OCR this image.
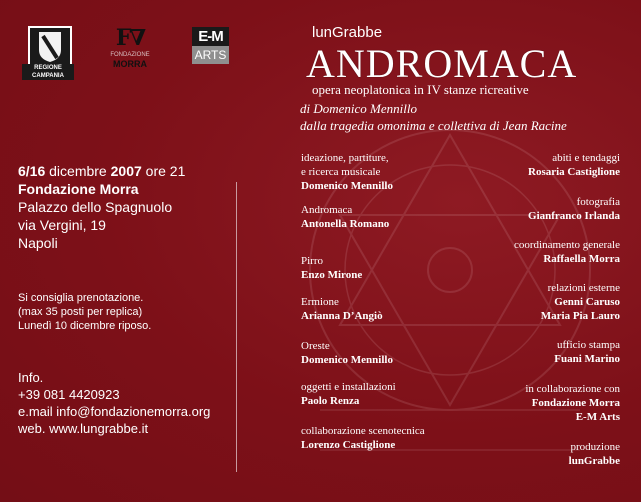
REGIONE CAMPANIA
F∇
FONDAZIONE
MORRA
E-M
ARTS
lunGrabbe
ANDROMACA
opera neoplatonica in IV stanze ricreative
di Domenico Mennillo
dalla tragedia omonima e collettiva di Jean Racine
6/16 dicembre 2007 ore 21
Fondazione Morra
Palazzo dello Spagnuolo
via Vergini, 19
Napoli
Si consiglia prenotazione.
(max 35 posti per replica)
Lunedì 10 dicembre riposo.
Info.
+39 081 4420923
e.mail info@fondazionemorra.org
web. www.lungrabbe.it
ideazione, partiture,
e ricerca musicale
Domenico Mennillo
Andromaca
Antonella Romano
Pirro
Enzo Mirone
Ermione
Arianna D’Angiò
Oreste
Domenico Mennillo
oggetti e installazioni
Paolo Renza
collaborazione scenotecnica
Lorenzo Castiglione
abiti e tendaggi
Rosaria Castiglione
fotografia
Gianfranco Irlanda
coordinamento generale
Raffaella Morra
relazioni esterne
Genni Caruso
Maria Pia Lauro
ufficio stampa
Fuani Marino
in collaborazione con
Fondazione Morra
E-M Arts
produzione
lunGrabbe
